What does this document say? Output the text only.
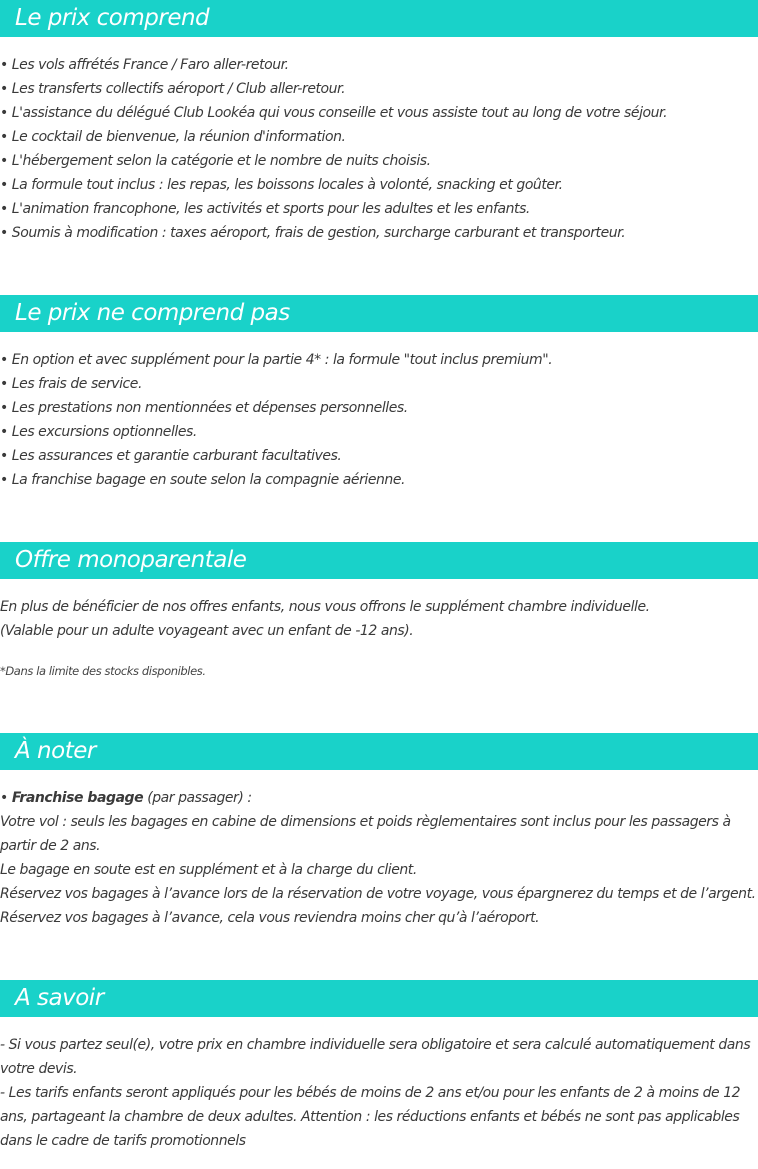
Le prix comprend
• Les vols affrétés France / Faro aller-retour.
• Les transferts collectifs aéroport / Club aller-retour.
• L'assistance du délégué Club Lookéa qui vous conseille et vous assiste tout au long de votre séjour.
• Le cocktail de bienvenue, la réunion d'information.
• L'hébergement selon la catégorie et le nombre de nuits choisis.
• La formule tout inclus : les repas, les boissons locales à volonté, snacking et goûter.
• L'animation francophone, les activités et sports pour les adultes et les enfants.
• Soumis à modification : taxes aéroport, frais de gestion, surcharge carburant et transporteur.
Le prix ne comprend pas
• En option et avec supplément pour la partie 4* : la formule "tout inclus premium".
• Les frais de service.
• Les prestations non mentionnées et dépenses personnelles.
• Les excursions optionnelles.
• Les assurances et garantie carburant facultatives.
• La franchise bagage en soute selon la compagnie aérienne.
Offre monoparentale
En plus de bénéficier de nos offres enfants, nous vous offrons le supplément chambre individuelle.
(Valable pour un adulte voyageant avec un enfant de -12 ans).
*Dans la limite des stocks disponibles.
À noter
• Franchise bagage (par passager) :
Votre vol : seuls les bagages en cabine de dimensions et poids règlementaires sont inclus pour les passagers à partir de 2 ans.
Le bagage en soute est en supplément et à la charge du client.
Réservez vos bagages à l’avance lors de la réservation de votre voyage, vous épargnerez du temps et de l’argent.
Réservez vos bagages à l’avance, cela vous reviendra moins cher qu’à l’aéroport.
A savoir
- Si vous partez seul(e), votre prix en chambre individuelle sera obligatoire et sera calculé automatiquement dans votre devis.
- Les tarifs enfants seront appliqués pour les bébés de moins de 2 ans et/ou pour les enfants de 2 à moins de 12 ans, partageant la chambre de deux adultes. Attention : les réductions enfants et bébés ne sont pas applicables dans le cadre de tarifs promotionnels
